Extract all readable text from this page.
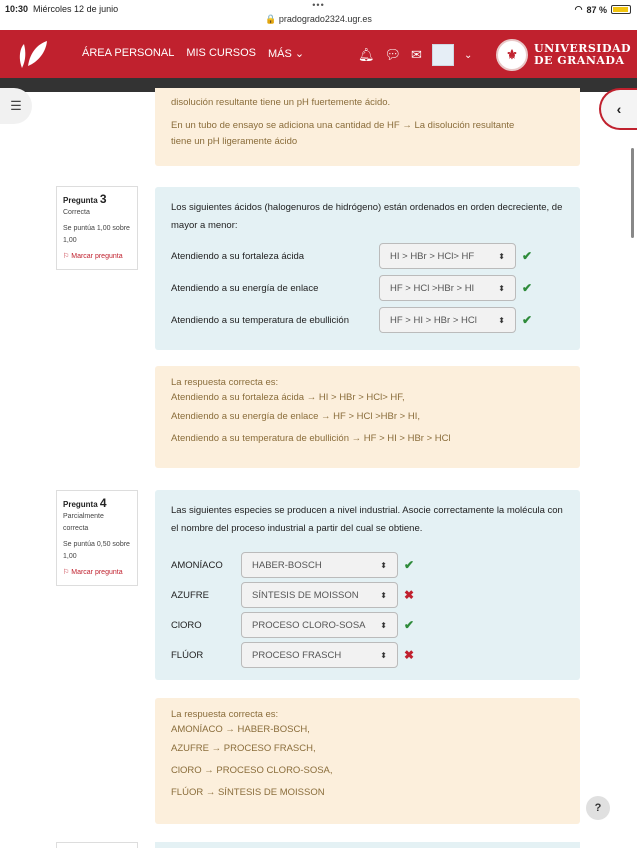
10:30 Miércoles 12 de junio	•••
🔒 pradogrado2324.ugr.es
◠ 87 %
ÁREA PERSONAL MIS CURSOS MÁS ⌄	🔔︎ 💬︎ ✉	⌄	⚜	UNIVERSIDAD
DE GRANADA
☰	‹
disolución resultante tiene un pH fuertemente ácido.
En un tubo de ensayo se adiciona una cantidad de HF → La disolución resultante
tiene un pH ligeramente ácido
Pregunta 3
Correcta
Se puntúa 1,00 sobre 1,00
⚐ Marcar pregunta
Los siguientes ácidos (halogenuros de hidrógeno) están ordenados en orden decreciente, de mayor a menor:
Atendiendo a su fortaleza ácida	HI > HBr > HCl> HF	⬍ ✔
Atendiendo a su energía de enlace	HF > HCl >HBr > HI	⬍ ✔
Atendiendo a su temperatura de ebullición	HF > HI > HBr > HCl	⬍ ✔
La respuesta correcta es:
Atendiendo a su fortaleza ácida → HI > HBr > HCl> HF,
Atendiendo a su energía de enlace → HF > HCl >HBr > HI,
Atendiendo a su temperatura de ebullición → HF > HI > HBr > HCl
Pregunta 4
Parcialmente correcta
Se puntúa 0,50 sobre 1,00
⚐ Marcar pregunta
Las siguientes especies se producen a nivel industrial. Asocie correctamente la molécula con el nombre del proceso industrial a partir del cual se obtiene.
AMONÍACO	HABER-BOSCH	⬍ ✔
AZUFRE	SÍNTESIS DE MOISSON	⬍ ✖
ClORO	PROCESO CLORO-SOSA ⬍ ✔
FLÚOR	PROCESO FRASCH	⬍ ✖
La respuesta correcta es:
AMONÍACO → HABER-BOSCH,
AZUFRE → PROCESO FRASCH,
ClORO → PROCESO CLORO-SOSA,
FLÚOR → SÍNTESIS DE MOISSON
?
